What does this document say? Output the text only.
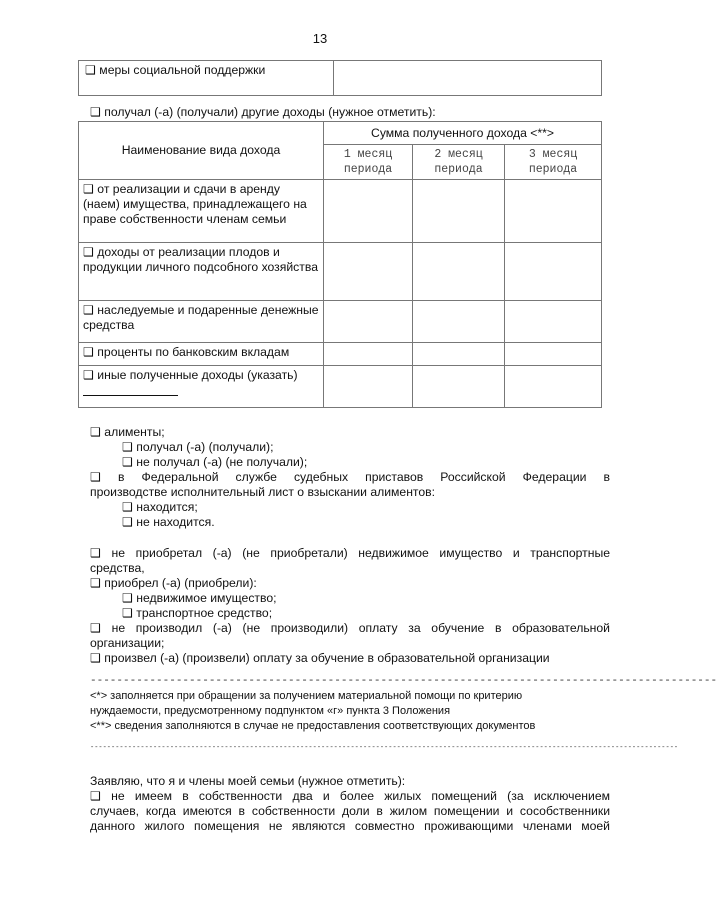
13
❑ меры социальной поддержки	
❑ получал (-а) (получали) другие доходы (нужное отметить):
Наименование вида дохода	Сумма полученного дохода <**>		
	1 месяц периода	2 месяц периода	3 месяц периода
❑ от реализации и сдачи в аренду (наем) имущества, принадлежащего на праве собственности членам семьи			
❑ доходы от реализации плодов и продукции личного подсобного хозяйства			
❑ наследуемые и подаренные денежные средства			
❑ проценты по банковским вкладам			
❑ иные полученные доходы (указать)

❑ алименты;
❑ получал (-а) (получали);
❑ не получал (-а) (не получали);
❑ в Федеральной службе судебных приставов Российской Федерации в
производстве исполнительный лист о взыскании алиментов:
❑ находится;
❑ не находится.
❑ не приобретал (-а) (не приобретали) недвижимое имущество и транспортные
средства,
❑ приобрел (-а) (приобрели):
❑ недвижимое имущество;
❑ транспортное средство;
❑ не производил (-а) (не производили) оплату за обучение в образовательной
организации;
❑ произвел (-а) (произвели) оплату за обучение в образовательной организации
-----------------------------------------------------------------------------------------------
<*> заполняется при обращении за получением материальной помощи по критерию
нуждаемости, предусмотренному подпунктом «г» пункта 3 Положения
<**> сведения заполняются в случае не предоставления соответствующих документов
--------------------------------------------------------------------------------------------------------------------------------------------
Заявляю, что я и члены моей семьи (нужное отметить):
❑ не имеем в собственности два и более жилых помещений (за исключением
случаев, когда имеются в собственности доли в жилом помещении и сособственники
данного жилого помещения не являются совместно проживающими членами моей
